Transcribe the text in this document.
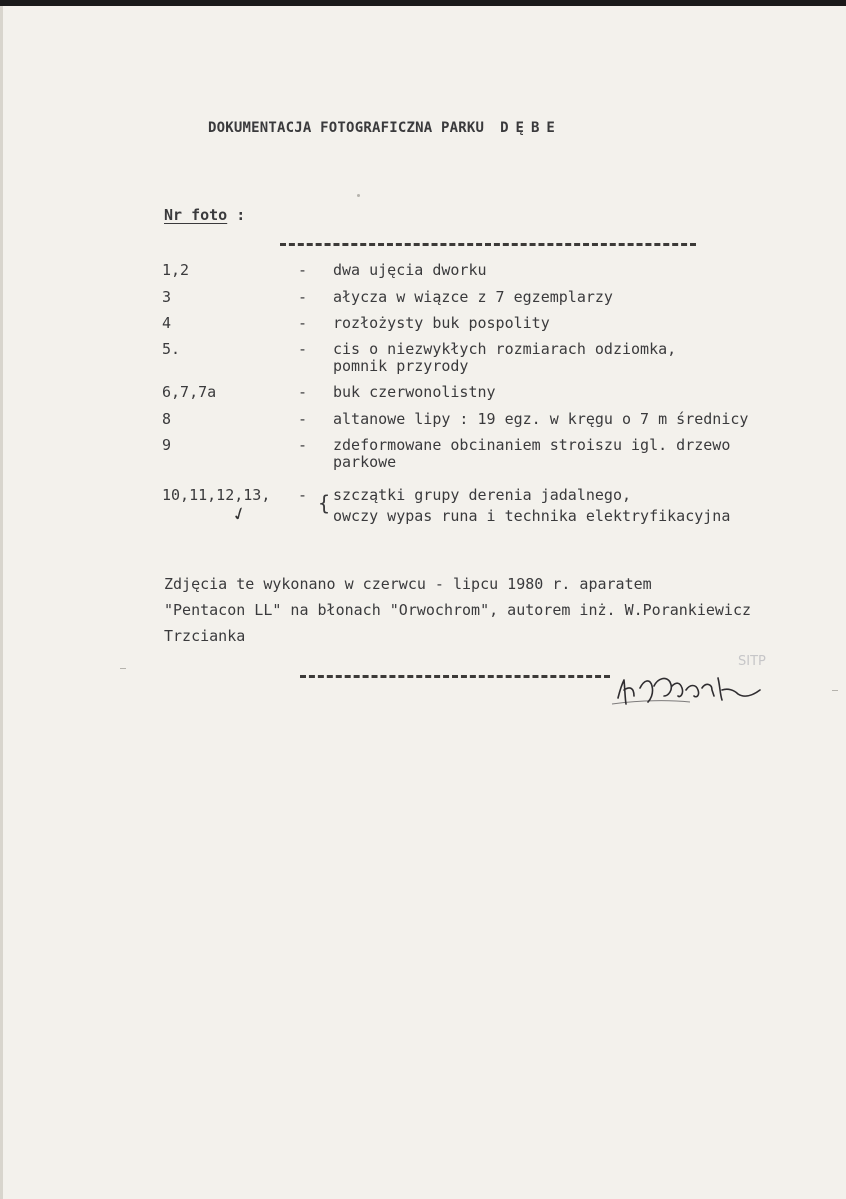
DOKUMENTACJA FOTOGRAFICZNA PARKU DĘBE
Nr foto :
1,2	- dwa ujęcia dworku
3	- ałycza w wiązce z 7 egzemplarzy
4	- rozłożysty buk pospolity
5.	- cis o niezwykłych rozmiarach odziomka,
pomnik przyrody
6,7,7a	- buk czerwonolistny
8	- altanowe lipy : 19 egz. w kręgu o 7 m średnicy
9	- zdeformowane obcinaniem stroiszu igl. drzewo
parkowe
10,11,12,13, - szczątki grupy derenia jadalnego,
owczy wypas runa i technika elektryfikacyjna
{
✓
Zdjęcia te wykonano w czerwcu - lipcu 1980 r. aparatem
"Pentacon LL" na błonach "Orwochrom", autorem inż. W.Porankiewicz
Trzcianka
SITP
